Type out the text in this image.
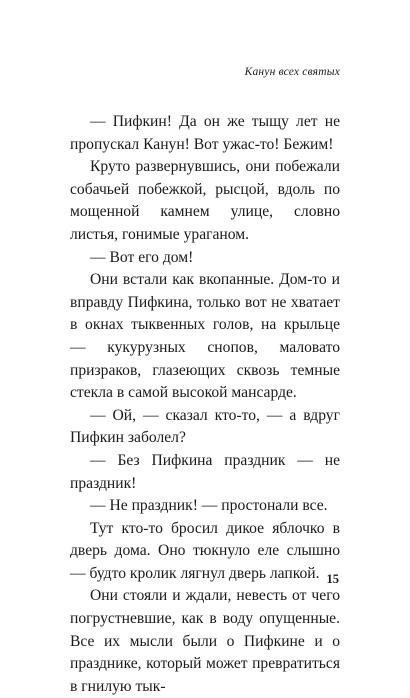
Канун всех святых

— Пифкин! Да он же тыщу лет не пропускал Канун! Вот ужас-то! Бежим!

Круто развернувшись, они побежали собачьей побежкой, рысцой, вдоль по мощенной камнем улице, словно листья, гонимые ураганом.

— Вот его дом!

Они встали как вкопанные. Дом-то и вправду Пифкина, только вот не хватает в окнах тыквенных голов, на крыльце — кукурузных снопов, маловато призраков, глазеющих сквозь темные стекла в самой высокой мансарде.

— Ой, — сказал кто-то, — а вдруг Пифкин заболел?

— Без Пифкина праздник — не праздник!

— Не праздник! — простонали все.

Тут кто-то бросил дикое яблочко в дверь дома. Оно тюкнуло еле слышно — будто кролик лягнул дверь лапкой.

Они стояли и ждали, невесть от чего погрустневшие, как в воду опущенные. Все их мысли были о Пифкине и о празднике, который может превратиться в гнилую тык-

15
